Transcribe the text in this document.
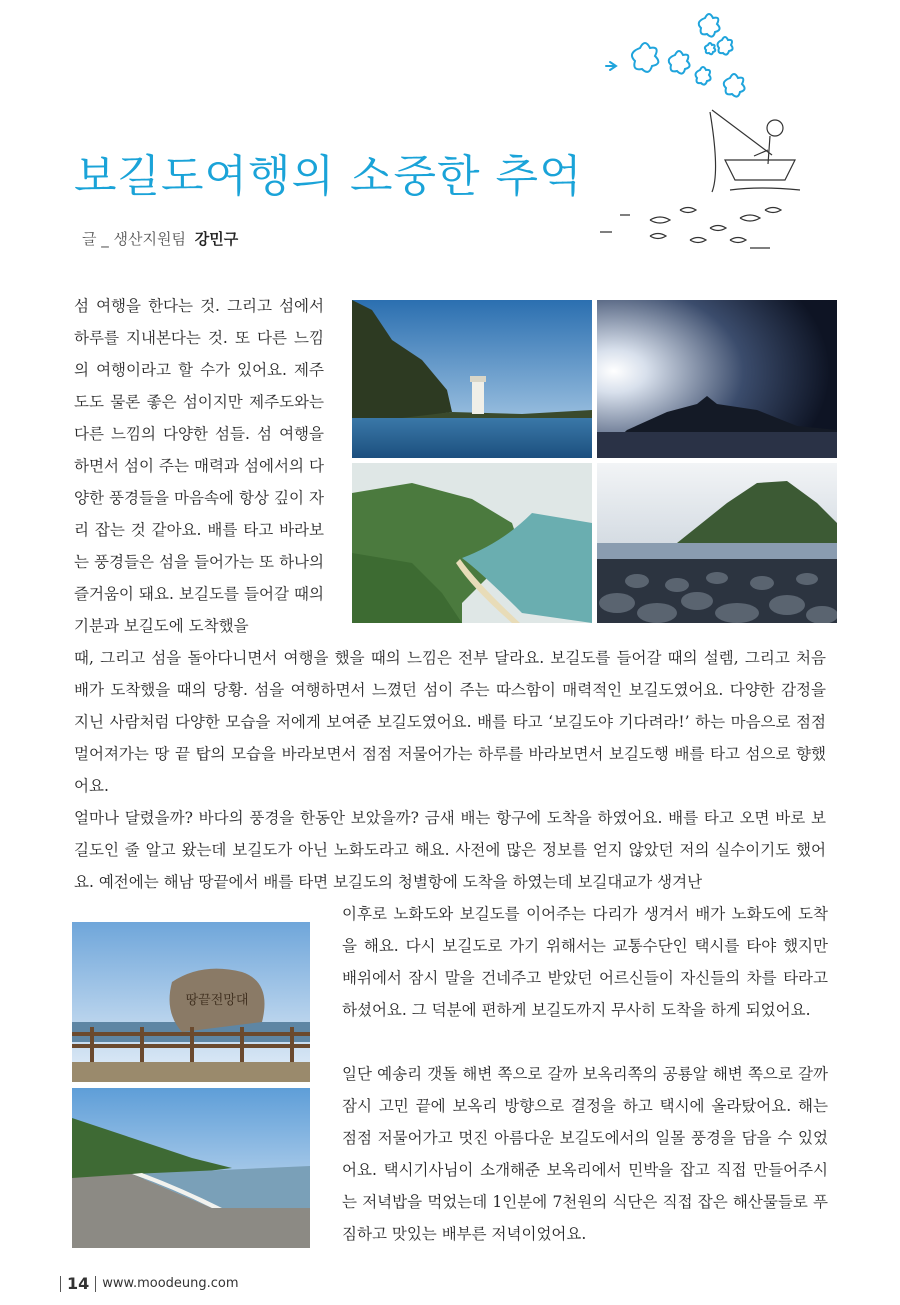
보길도여행의 소중한 추억
글 _ 생산지원팀 강민구

섬 여행을 한다는 것. 그리고 섬에서 하루를 지내본다는 것. 또 다른 느낌의 여행이라고 할 수가 있어요. 제주도도 물론 좋은 섬이지만 제주도와는 다른 느낌의 다양한 섬들. 섬 여행을 하면서 섬이 주는 매력과 섬에서의 다양한 풍경들을 마음속에 항상 깊이 자리 잡는 것 같아요. 배를 타고 바라보는 풍경들은 섬을 들어가는 또 하나의 즐거움이 돼요. 보길도를 들어갈 때의 기분과 보길도에 도착했을

때, 그리고 섬을 돌아다니면서 여행을 했을 때의 느낌은 전부 달라요. 보길도를 들어갈 때의 설렘, 그리고 처음 배가 도착했을 때의 당황. 섬을 여행하면서 느꼈던 섬이 주는 따스함이 매력적인 보길도였어요. 다양한 감정을 지닌 사람처럼 다양한 모습을 저에게 보여준 보길도였어요. 배를 타고 ‘보길도야 기다려라!’ 하는 마음으로 점점 멀어져가는 땅 끝 탑의 모습을 바라보면서 점점 저물어가는 하루를 바라보면서 보길도행 배를 타고 섬으로 향했어요.

얼마나 달렸을까? 바다의 풍경을 한동안 보았을까? 금새 배는 항구에 도착을 하였어요. 배를 타고 오면 바로 보길도인 줄 알고 왔는데 보길도가 아닌 노화도라고 해요. 사전에 많은 정보를 얻지 않았던 저의 실수이기도 했어요. 예전에는 해남 땅끝에서 배를 타면 보길도의 청별항에 도착을 하였는데 보길대교가 생겨난

땅끝전망대

이후로 노화도와 보길도를 이어주는 다리가 생겨서 배가 노화도에 도착을 해요. 다시 보길도로 가기 위해서는 교통수단인 택시를 타야 했지만 배위에서 잠시 말을 건네주고 받았던 어르신들이 자신들의 차를 타라고 하셨어요. 그 덕분에 편하게 보길도까지 무사히 도착을 하게 되었어요.

일단 예송리 갯돌 해변 쪽으로 갈까 보옥리쪽의 공룡알 해변 쪽으로 갈까 잠시 고민 끝에 보옥리 방향으로 결정을 하고 택시에 올라탔어요. 해는 점점 저물어가고 멋진 아름다운 보길도에서의 일몰 풍경을 담을 수 있었어요. 택시기사님이 소개해준 보옥리에서 민박을 잡고 직접 만들어주시는 저녁밥을 먹었는데 1인분에 7천원의 식단은 직접 잡은 해산물들로 푸짐하고 맛있는 배부른 저녁이었어요.

14 www.moodeung.com
